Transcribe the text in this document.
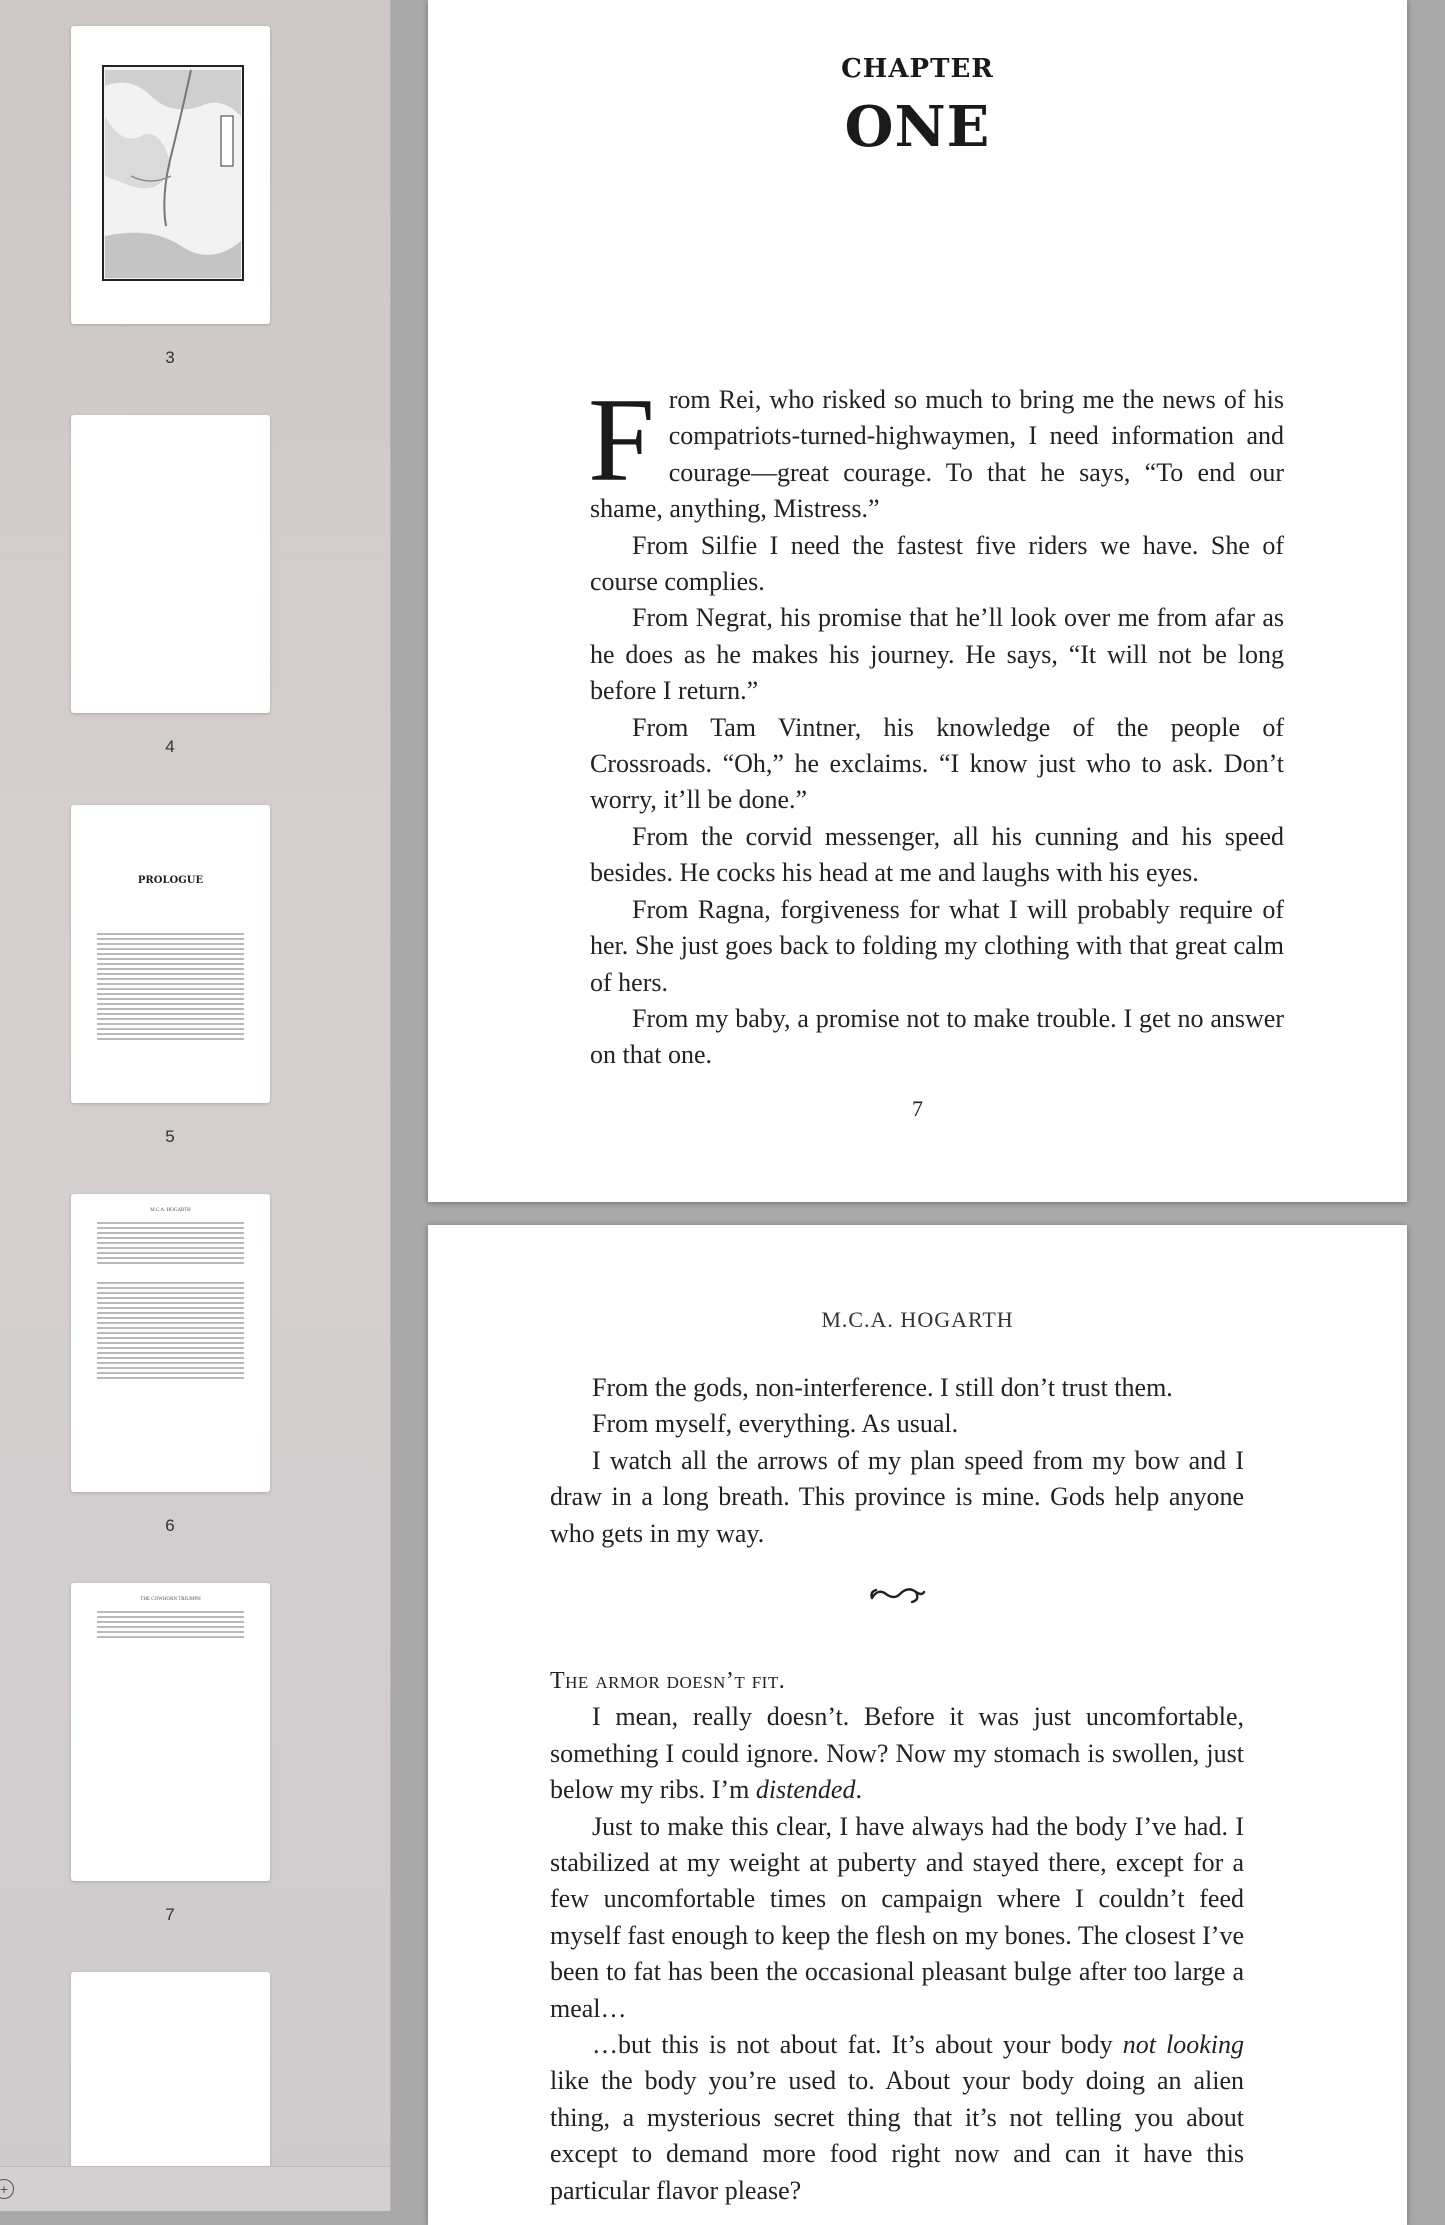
3
4
PROLOGUE
5
M.C.A. HOGARTH
6
THE COWHORN TRIUMPH
7
+
CHAPTER
ONE

From Rei, who risked so much to bring me the news of his compatriots-turned-highwaymen, I need information and courage—great courage. To that he says, “To end our shame, anything, Mistress.”

From Silfie I need the fastest five riders we have. She of course complies.

From Negrat, his promise that he’ll look over me from afar as he does as he makes his journey. He says, “It will not be long before I return.”

From Tam Vintner, his knowledge of the people of Crossroads. “Oh,” he exclaims. “I know just who to ask. Don’t worry, it’ll be done.”

From the corvid messenger, all his cunning and his speed besides. He cocks his head at me and laughs with his eyes.

From Ragna, forgiveness for what I will probably require of her. She just goes back to folding my clothing with that great calm of hers.

From my baby, a promise not to make trouble. I get no answer on that one.

7
M.C.A. HOGARTH

From the gods, non-interference. I still don’t trust them.

From myself, everything. As usual.

I watch all the arrows of my plan speed from my bow and I draw in a long breath. This province is mine. Gods help anyone who gets in my way.

The armor doesn’t fit.

I mean, really doesn’t. Before it was just uncomfortable, something I could ignore. Now? Now my stomach is swollen, just below my ribs. I’m distended.

Just to make this clear, I have always had the body I’ve had. I stabilized at my weight at puberty and stayed there, except for a few uncomfortable times on campaign where I couldn’t feed myself fast enough to keep the flesh on my bones. The closest I’ve been to fat has been the occasional pleasant bulge after too large a meal…

…but this is not about fat. It’s about your body not looking like the body you’re used to. About your body doing an alien thing, a mysterious secret thing that it’s not telling you about except to demand more food right now and can it have this particular flavor please?
